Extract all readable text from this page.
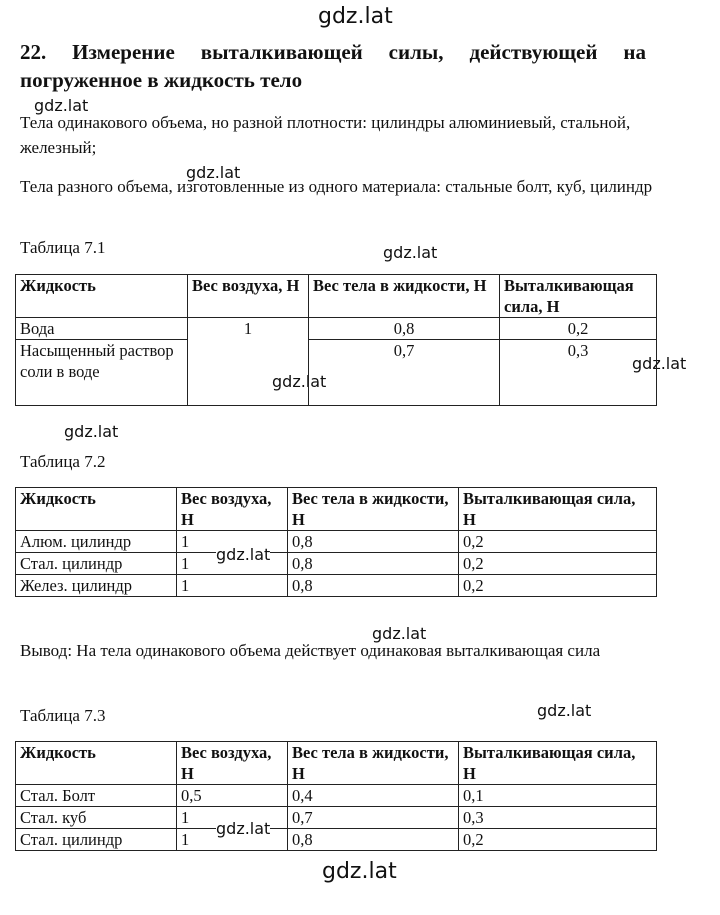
gdz.lat
gdz.lat
gdz.lat
gdz.lat
gdz.lat
gdz.lat
gdz.lat
gdz.lat
gdz.lat
gdz.lat
gdz.lat
gdz.lat

22. Измерение выталкивающей силы, действующей на погруженное в жидкость тело

Тела одинакового объема, но разной плотности: цилиндры алюминиевый, стальной, железный;

Тела разного объема, изготовленные из одного материала: стальные болт, куб, цилиндр

Таблица 7.1

Жидкость	Вес воздуха, Н	Вес тела в жидкости, Н	Выталкивающая сила, Н
Вода	1	0,8	0,2
Насыщенный раствор соли в воде		0,7	0,3

Таблица 7.2

Жидкость	Вес воздуха, Н	Вес тела в жидкости, Н	Выталкивающая сила, Н
Алюм. цилиндр	1	0,8	0,2
Стал. цилиндр	1	0,8	0,2
Желез. цилиндр	1	0,8	0,2

Вывод: На тела одинакового объема действует одинаковая выталкивающая сила

Таблица 7.3

Жидкость	Вес воздуха, Н	Вес тела в жидкости, Н	Выталкивающая сила, Н
Стал. Болт	0,5	0,4	0,1
Стал. куб	1	0,7	0,3
Стал. цилиндр	1	0,8	0,2
